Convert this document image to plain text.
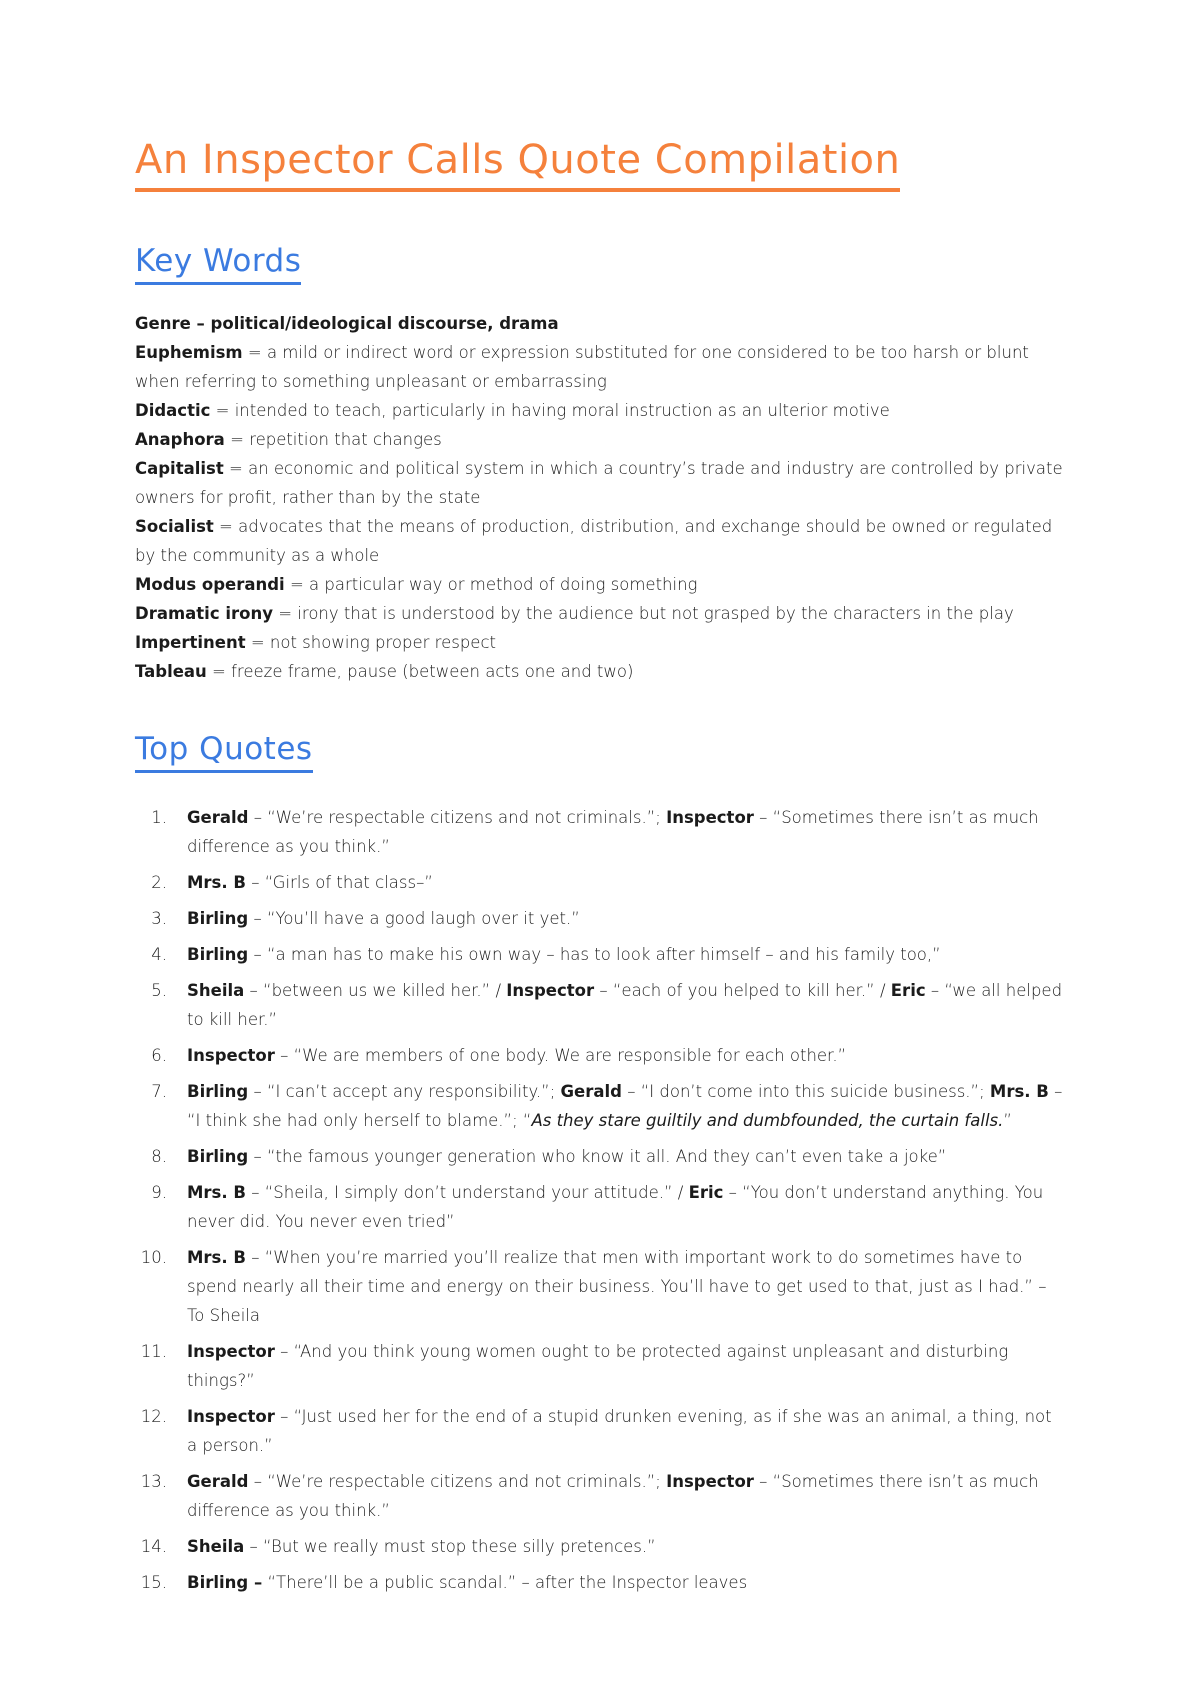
An Inspector Calls Quote Compilation
Key Words

Genre – political/ideological discourse, drama

Euphemism = a mild or indirect word or expression substituted for one considered to be too harsh or blunt when referring to something unpleasant or embarrassing

Didactic = intended to teach, particularly in having moral instruction as an ulterior motive

Anaphora = repetition that changes

Capitalist = an economic and political system in which a country’s trade and industry are controlled by private owners for profit, rather than by the state

Socialist = advocates that the means of production, distribution, and exchange should be owned or regulated by the community as a whole

Modus operandi = a particular way or method of doing something

Dramatic irony = irony that is understood by the audience but not grasped by the characters in the play

Impertinent = not showing proper respect

Tableau = freeze frame, pause (between acts one and two)

Top Quotes
1.	Gerald – “We’re respectable citizens and not criminals.”; Inspector – “Sometimes there isn’t as much difference as you think.”
2.	Mrs. B – “Girls of that class–”
3.	Birling – “You’ll have a good laugh over it yet.”
4.	Birling – “a man has to make his own way – has to look after himself – and his family too,”
5.	Sheila – “between us we killed her.” / Inspector – “each of you helped to kill her.” / Eric – “we all helped to kill her.”
6.	Inspector – “We are members of one body. We are responsible for each other.”
7.	Birling – “I can’t accept any responsibility.”; Gerald – “I don’t come into this suicide business.”; Mrs. B – “I think she had only herself to blame.”; “As they stare guiltily and dumbfounded, the curtain falls.”
8.	Birling – “the famous younger generation who know it all. And they can’t even take a joke”
9.	Mrs. B – “Sheila, I simply don’t understand your attitude.” / Eric – “You don’t understand anything. You never did. You never even tried”
10.	Mrs. B – “When you’re married you’ll realize that men with important work to do sometimes have to spend nearly all their time and energy on their business. You’ll have to get used to that, just as I had.” – To Sheila
11.	Inspector – “And you think young women ought to be protected against unpleasant and disturbing things?”
12.	Inspector – “Just used her for the end of a stupid drunken evening, as if she was an animal, a thing, not a person.”
13.	Gerald – “We’re respectable citizens and not criminals.”; Inspector – “Sometimes there isn’t as much difference as you think.”
14.	Sheila – “But we really must stop these silly pretences.”
15.	Birling – “There’ll be a public scandal.” – after the Inspector leaves
